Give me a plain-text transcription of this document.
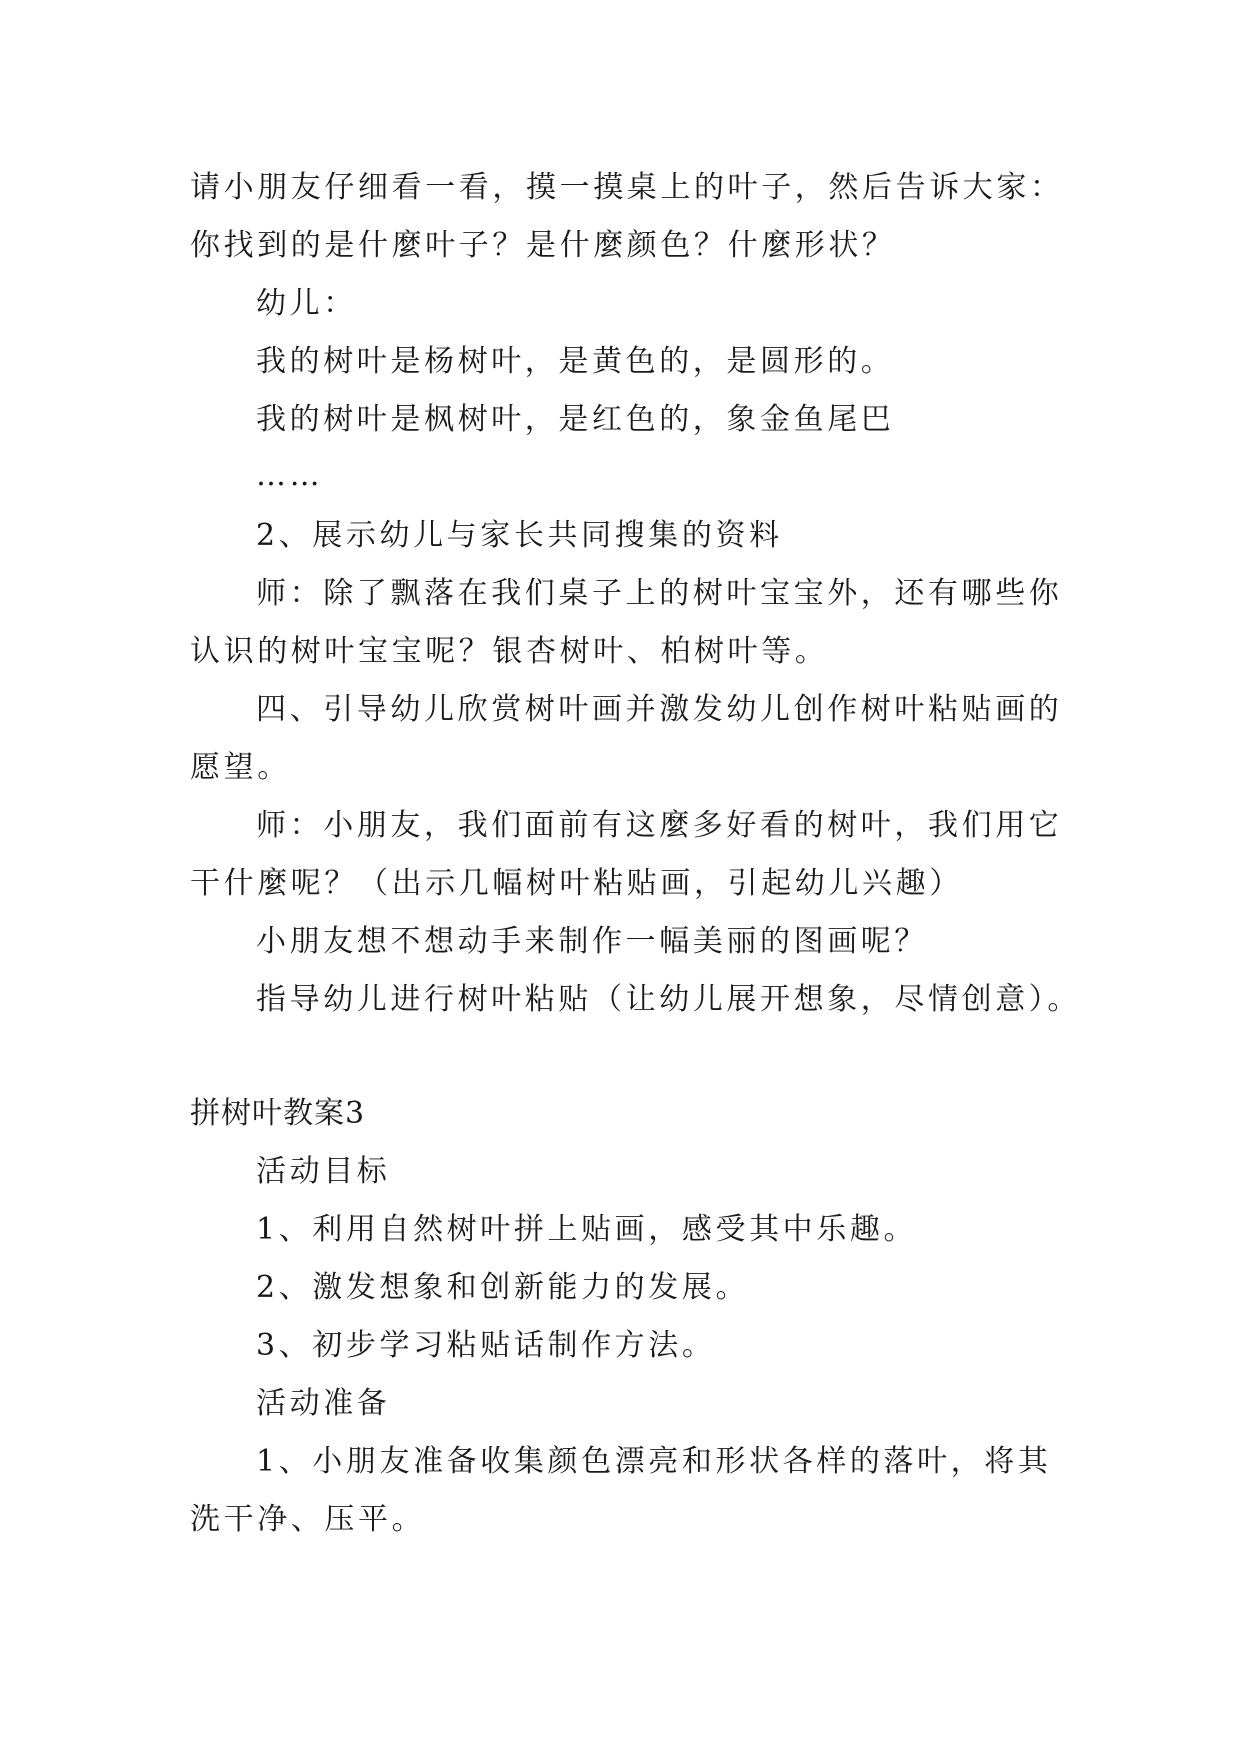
请小朋友仔细看一看，摸一摸桌上的叶子，然后告诉大家：
你找到的是什麼叶子？是什麼颜色？什麼形状？
幼儿：
我的树叶是杨树叶，是黄色的，是圆形的。
我的树叶是枫树叶，是红色的，象金鱼尾巴
……
2、展示幼儿与家长共同搜集的资料
师：除了飘落在我们桌子上的树叶宝宝外，还有哪些你
认识的树叶宝宝呢？银杏树叶、柏树叶等。
四、引导幼儿欣赏树叶画并激发幼儿创作树叶粘贴画的
愿望。
师：小朋友，我们面前有这麼多好看的树叶，我们用它
干什麼呢？（出示几幅树叶粘贴画，引起幼儿兴趣）
小朋友想不想动手来制作一幅美丽的图画呢？
指导幼儿进行树叶粘贴（让幼儿展开想象，尽情创意）。
拼树叶教案3
活动目标
1、利用自然树叶拼上贴画，感受其中乐趣。
2、激发想象和创新能力的发展。
3、初步学习粘贴话制作方法。
活动准备
1、小朋友准备收集颜色漂亮和形状各样的落叶，将其
洗干净、压平。
